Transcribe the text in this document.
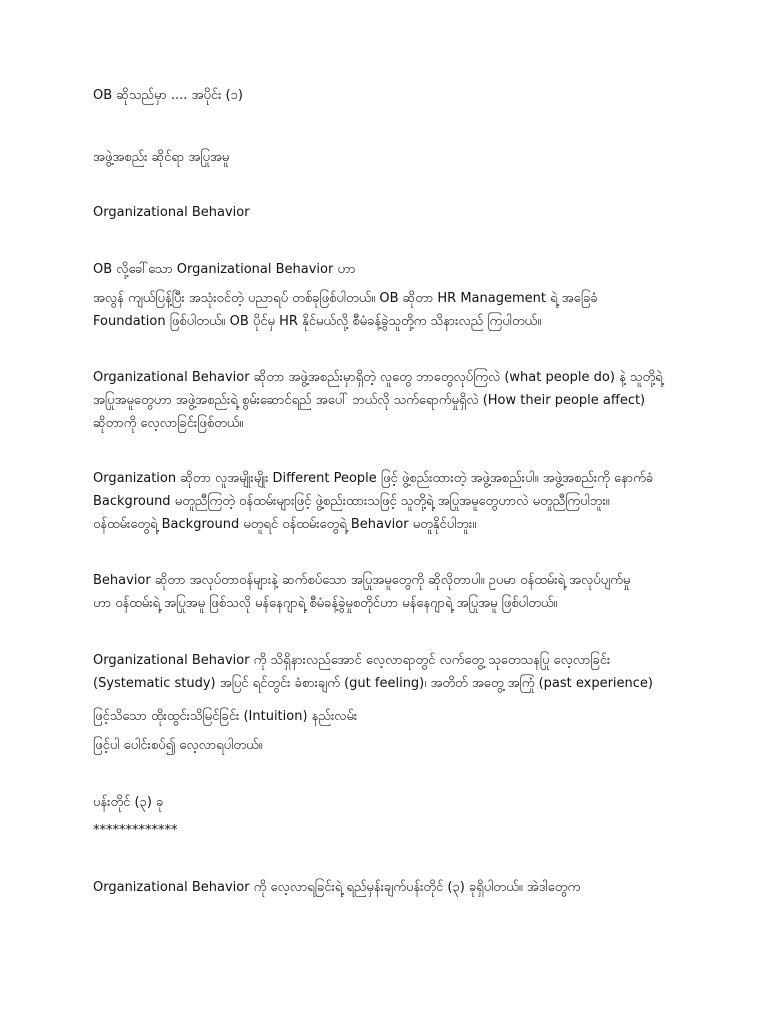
OB ဆိုသည်မှာ .... အပိုင်း (၁)
အဖွဲ့အစည်း ဆိုင်ရာ အပြုအမူ
Organizational Behavior
OB လို့ခေါ်သော Organizational Behavior ဟာ
အလွန် ကျယ်ပြန့်ပြီး အသုံးဝင်တဲ့ ပညာရပ် တစ်ခုဖြစ်ပါတယ်။ OB ဆိုတာ HR Management ရဲ့ အခြေခံ
Foundation ဖြစ်ပါတယ်။ OB ပိုင်မှ HR နိုင်မယ်လို့ စီမံခန့်ခွဲသူတို့က သိနားလည် ကြပါတယ်။
Organizational Behavior ဆိုတာ အဖွဲ့အစည်းမှာရှိတဲ့ လူတွေ ဘာတွေလုပ်ကြလဲ (what people do) နဲ့ သူတို့ရဲ့
အပြုအမူတွေဟာ အဖွဲ့အစည်းရဲ့ စွမ်းဆောင်ရည် အပေါ် ဘယ်လို သက်ရောက်မှုရှိလဲ (How their people affect)
ဆိုတာကို လေ့လာခြင်းဖြစ်တယ်။
Organization ဆိုတာ လူအမျိုးမျိုး Different People ဖြင့် ဖွဲ့စည်းထားတဲ့ အဖွဲ့အစည်းပါ။ အဖွဲ့အစည်းကို နောက်ခံ
Background မတူညီကြတဲ့ ဝန်ထမ်းများဖြင့် ဖွဲ့စည်းထားသဖြင့် သူတို့ရဲ့ အပြုအမူတွေဟာလဲ မတူညီကြပါဘူး။
ဝန်ထမ်းတွေရဲ့ Background မတူရင် ဝန်ထမ်းတွေရဲ့ Behavior မတူနိုင်ပါဘူး။
Behavior ဆိုတာ အလုပ်တာဝန်များနဲ့ ဆက်စပ်သော အပြုအမူတွေကို ဆိုလိုတာပါ။ ဥပမာ ဝန်ထမ်းရဲ့ အလုပ်ပျက်မှု
ဟာ ဝန်ထမ်းရဲ့ အပြုအမူ ဖြစ်သလို မန်နေဂျာရဲ့ စီမံခန့်ခွဲမှုစတိုင်ဟာ မန်နေဂျာရဲ့ အပြုအမူ ဖြစ်ပါတယ်။
Organizational Behavior ကို သိရှိနားလည်အောင် လေ့လာရာတွင် လက်တွေ့ သုတေသနပြု လေ့လာခြင်း
(Systematic study) အပြင် ရင်တွင်း ခံစားချက် (gut feeling)၊ အတိတ် အတွေ့ အကြုံ (past experience)
ဖြင့်သိသော ထိုးထွင်းသိမြင်ခြင်း (Intuition) နည်းလမ်း
ဖြင့်ပါ ပေါင်းစပ်၍ လေ့လာရပါတယ်။
ပန်းတိုင် (၃) ခု
*************
Organizational Behavior ကို လေ့လာရခြင်းရဲ့ ရည်မှန်းချက်ပန်းတိုင် (၃) ခုရှိပါတယ်။ အဲဒါတွေက
